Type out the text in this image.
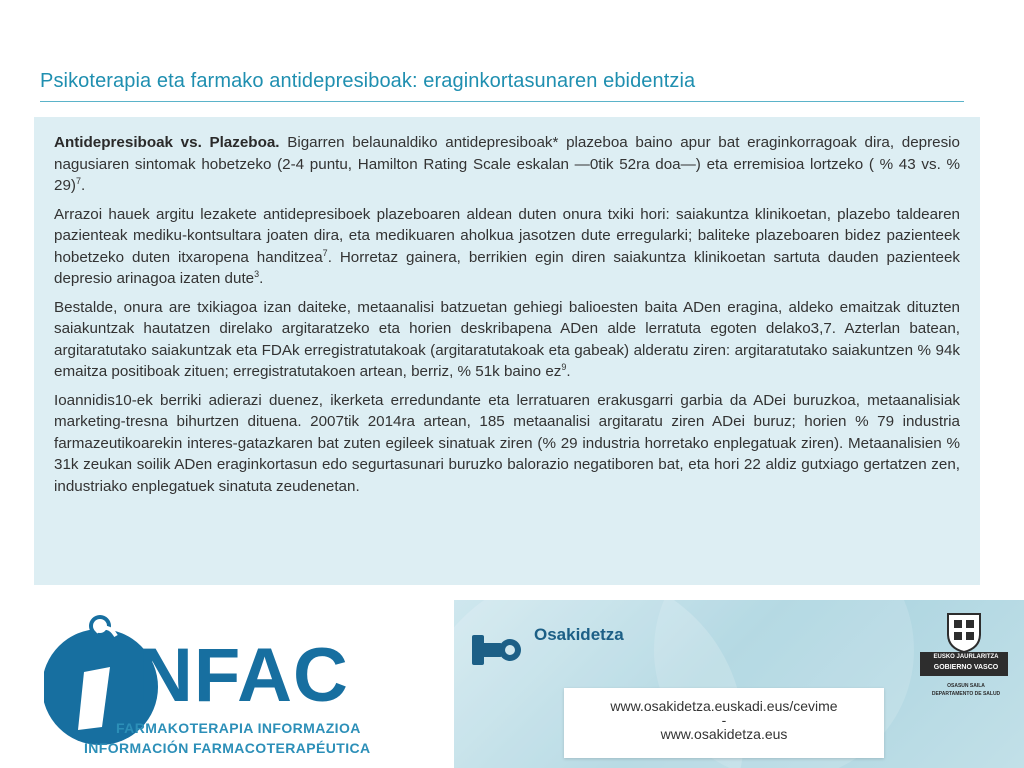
Psikoterapia eta farmako antidepresiboak: eraginkortasunaren ebidentzia

Antidepresiboak vs. Plazeboa. Bigarren belaunaldiko antidepresiboak* plazeboa baino apur bat eraginkorragoak dira, depresio nagusiaren sintomak hobetzeko (2-4 puntu, Hamilton Rating Scale eskalan —0tik 52ra doa—) eta erremisioa lortzeko ( % 43 vs. % 29)$^7$.

Arrazoi hauek argitu lezakete antidepresiboek plazeboaren aldean duten onura txiki hori: saiakuntza klinikoetan, plazebo taldearen pazienteak mediku-kontsultara joaten dira, eta medikuaren aholkua jasotzen dute erregularki; baliteke plazeboaren bidez pazienteek hobetzeko duten itxaropena handitzea$^7$. Horretaz gainera, berrikien egin diren saiakuntza klinikoetan sartuta dauden pazienteek depresio arinagoa izaten dute$^3$.

Bestalde, onura are txikiagoa izan daiteke, metaanalisi batzuetan gehiegi balioesten baita ADen eragina, aldeko emaitzak dituzten saiakuntzak hautatzen direlako argitaratzeko eta horien deskribapena ADen alde lerratuta egoten delako3,7. Azterlan batean, argitaratutako saiakuntzak eta FDAk erregistratutakoak (argitaratutakoak eta gabeak) alderatu ziren: argitaratutako saiakuntzen % 94k emaitza positiboak zituen; erregistratutakoen artean, berriz, % 51k baino $ez^9$.

Ioannidis10-ek berriki adierazi duenez, ikerketa erredundante eta lerratuaren erakusgarri garbia da ADei buruzkoa, metaanalisiak marketing-tresna bihurtzen dituena. 2007tik 2014ra artean, 185 metaanalisi argitaratu ziren ADei buruz; horien % 79 industria farmazeutikoarekin interes-gatazkaren bat zuten egileek sinatuak ziren (% 29 industria horretako enplegatuak ziren). Metaanalisien % 31k zeukan soilik ADen eraginkortasun edo segurtasunari buruzko balorazio negatiboren bat, eta hori 22 aldiz gutxiago gertatzen zen, industriako enplegatuek sinatuta zeudenetan.

NFAC
FARMAKOTERAPIA INFORMAZIOA
INFORMACIÓN FARMACOTERAPÉUTICA
Osakidetza
www.osakidetza.euskadi.eus/cevime
-
www.osakidetza.eus
EUSKO JAURLARITZA
GOBIERNO VASCO
OSASUN SAILA
DEPARTAMENTO DE SALUD
